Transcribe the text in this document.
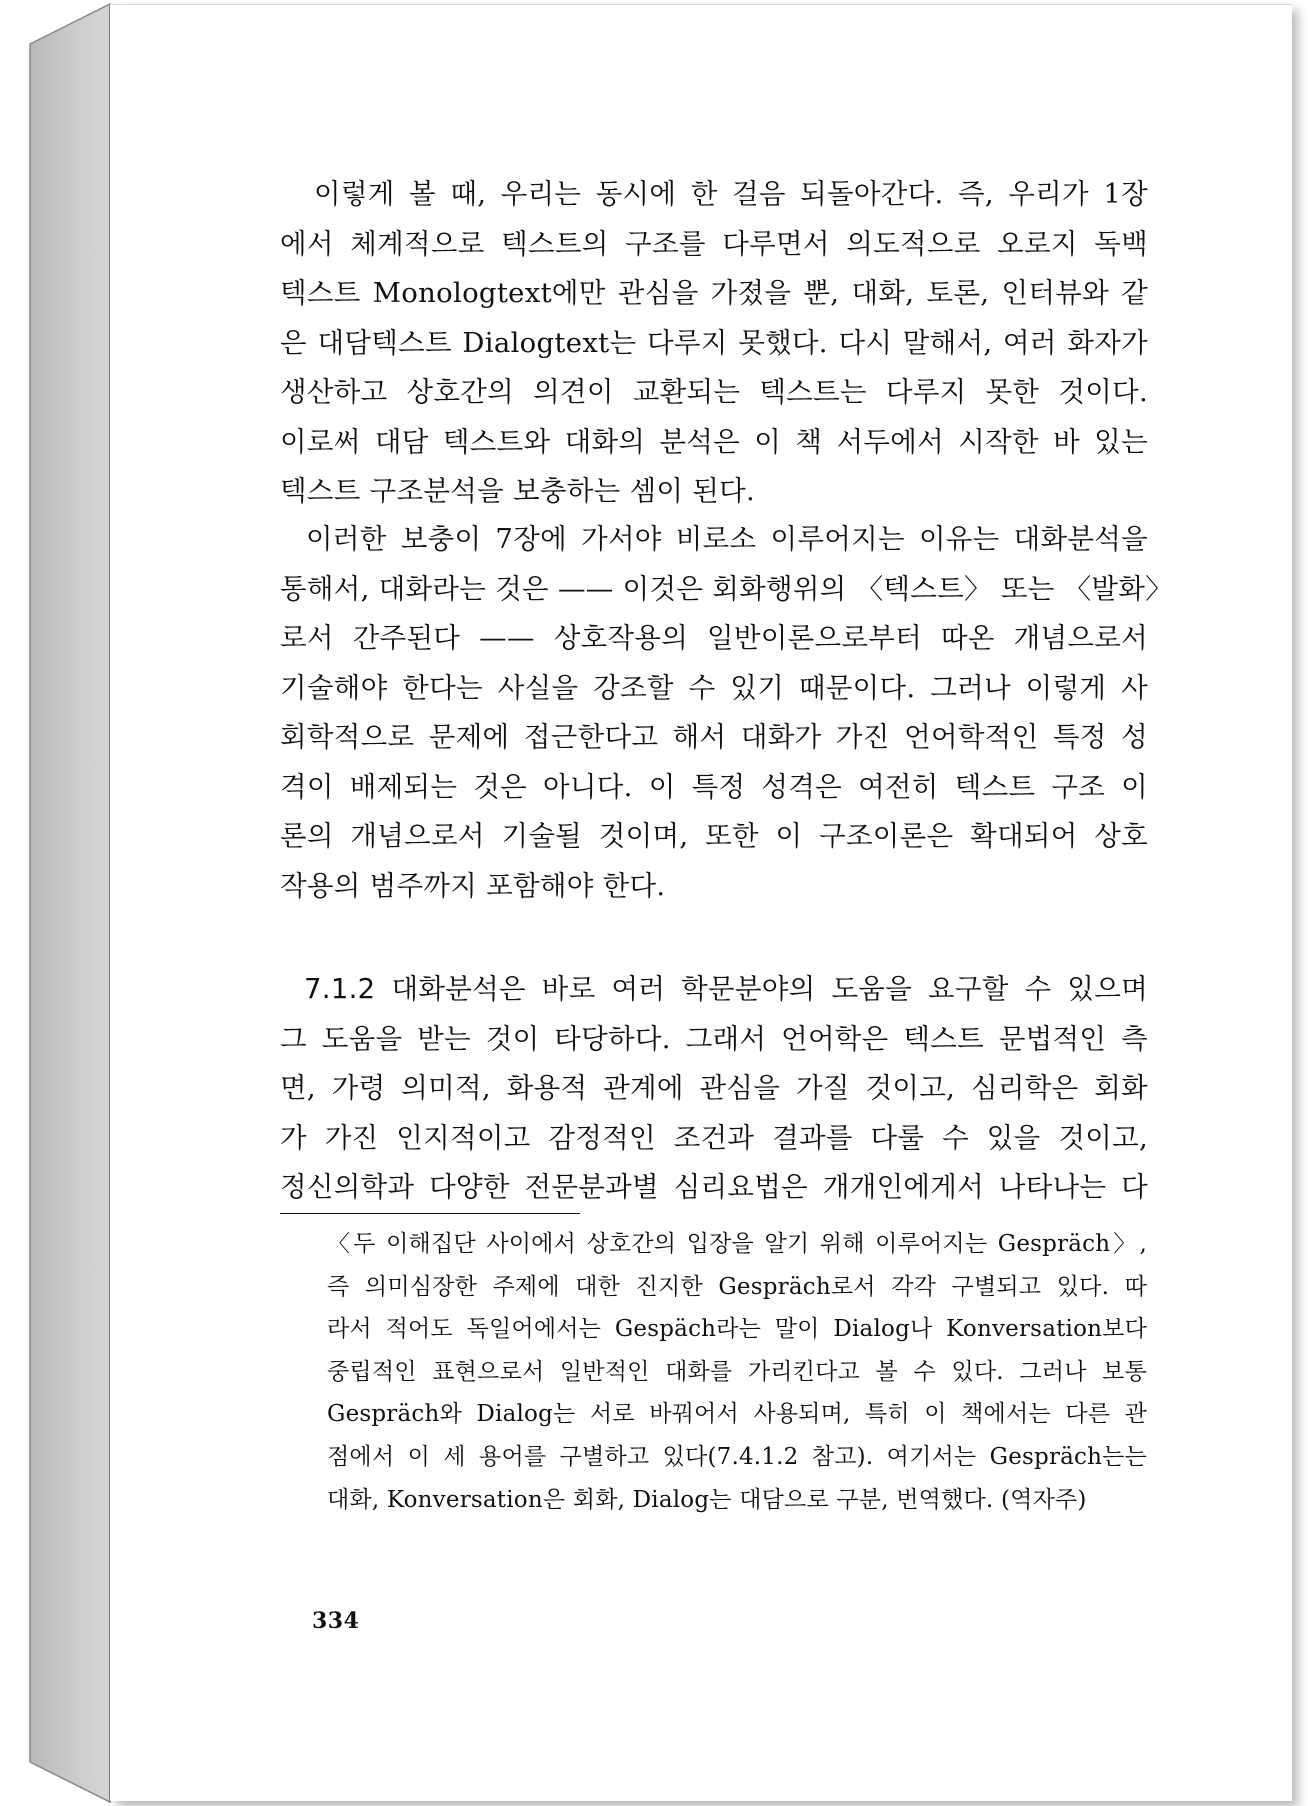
이렇게 볼 때, 우리는 동시에 한 걸음 되돌아간다. 즉, 우리가 1장
에서 체계적으로 텍스트의 구조를 다루면서 의도적으로 오로지 독백
텍스트 Monologtext에만 관심을 가졌을 뿐, 대화, 토론, 인터뷰와 같
은 대담텍스트 Dialogtext는 다루지 못했다. 다시 말해서, 여러 화자가
생산하고 상호간의 의견이 교환되는 텍스트는 다루지 못한 것이다.
이로써 대담 텍스트와 대화의 분석은 이 책 서두에서 시작한 바 있는
텍스트 구조분석을 보충하는 셈이 된다.
이러한 보충이 7장에 가서야 비로소 이루어지는 이유는 대화분석을
통해서, 대화라는 것은 —— 이것은 회화행위의 〈텍스트〉 또는 〈발화〉
로서 간주된다 —— 상호작용의 일반이론으로부터 따온 개념으로서
기술해야 한다는 사실을 강조할 수 있기 때문이다. 그러나 이렇게 사
회학적으로 문제에 접근한다고 해서 대화가 가진 언어학적인 특정 성
격이 배제되는 것은 아니다. 이 특정 성격은 여전히 텍스트 구조 이
론의 개념으로서 기술될 것이며, 또한 이 구조이론은 확대되어 상호
작용의 범주까지 포함해야 한다.
7.1.2 대화분석은 바로 여러 학문분야의 도움을 요구할 수 있으며
그 도움을 받는 것이 타당하다. 그래서 언어학은 텍스트 문법적인 측
면, 가령 의미적, 화용적 관계에 관심을 가질 것이고, 심리학은 회화
가 가진 인지적이고 감정적인 조건과 결과를 다룰 수 있을 것이고,
정신의학과 다양한 전문분과별 심리요법은 개개인에게서 나타나는 다
〈두 이해집단 사이에서 상호간의 입장을 알기 위해 이루어지는 Gespräch〉,
즉 의미심장한 주제에 대한 진지한 Gespräch로서 각각 구별되고 있다. 따
라서 적어도 독일어에서는 Gespäch라는 말이 Dialog나 Konversation보다
중립적인 표현으로서 일반적인 대화를 가리킨다고 볼 수 있다. 그러나 보통
Gespräch와 Dialog는 서로 바꿔어서 사용되며, 특히 이 책에서는 다른 관
점에서 이 세 용어를 구별하고 있다(7.4.1.2 참고). 여기서는 Gespräch는는
대화, Konversation은 회화, Dialog는 대담으로 구분, 번역했다. (역자주)
334
